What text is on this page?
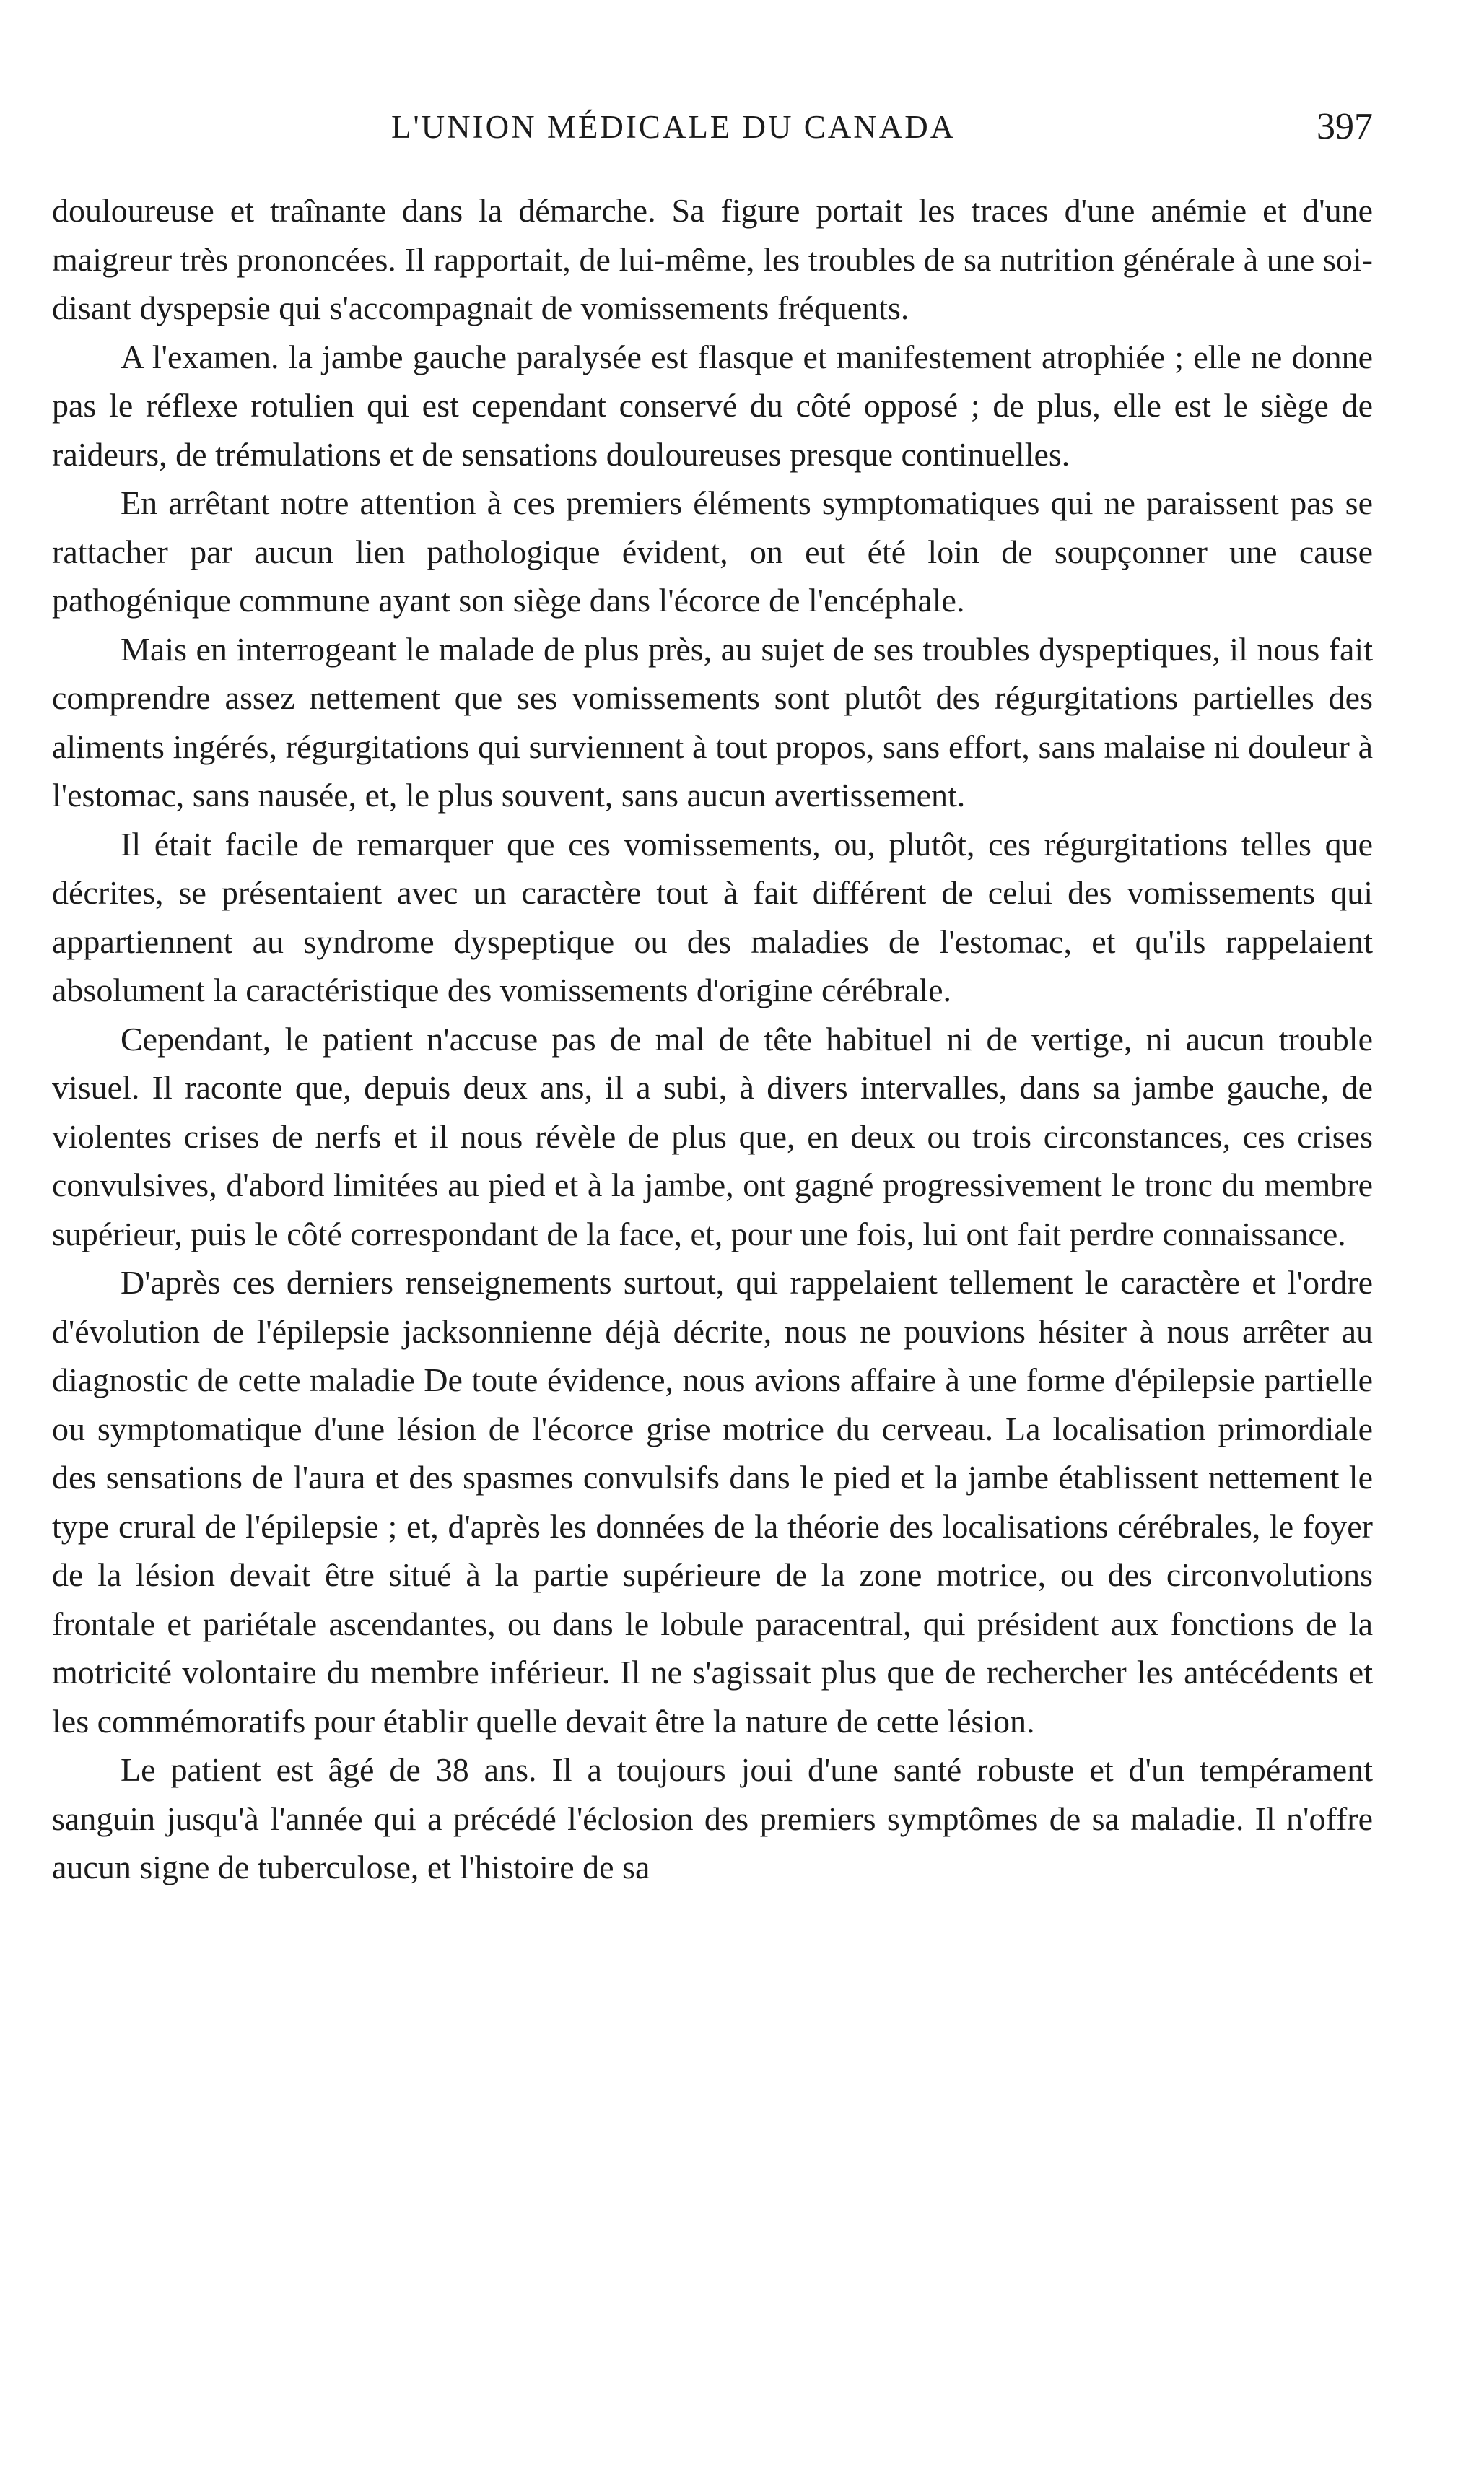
L'UNION MÉDICALE DU CANADA	397

douloureuse et traînante dans la démarche. Sa figure portait les traces d'une anémie et d'une maigreur très prononcées. Il rapportait, de lui-même, les troubles de sa nutrition générale à une soi-disant dyspepsie qui s'accompagnait de vomissements fréquents.

A l'examen. la jambe gauche paralysée est flasque et manifestement atrophiée ; elle ne donne pas le réflexe rotulien qui est cependant conservé du côté opposé ; de plus, elle est le siège de raideurs, de trémulations et de sensations douloureuses presque continuelles.

En arrêtant notre attention à ces premiers éléments symptomatiques qui ne paraissent pas se rattacher par aucun lien pathologique évident, on eut été loin de soupçonner une cause pathogénique commune ayant son siège dans l'écorce de l'encéphale.

Mais en interrogeant le malade de plus près, au sujet de ses troubles dyspeptiques, il nous fait comprendre assez nettement que ses vomissements sont plutôt des régurgitations partielles des aliments ingérés, régurgitations qui surviennent à tout propos, sans effort, sans malaise ni douleur à l'estomac, sans nausée, et, le plus souvent, sans aucun avertissement.

Il était facile de remarquer que ces vomissements, ou, plutôt, ces régurgitations telles que décrites, se présentaient avec un caractère tout à fait différent de celui des vomissements qui appartiennent au syndrome dyspeptique ou des maladies de l'estomac, et qu'ils rappelaient absolument la caractéristique des vomissements d'origine cérébrale.

Cependant, le patient n'accuse pas de mal de tête habituel ni de vertige, ni aucun trouble visuel. Il raconte que, depuis deux ans, il a subi, à divers intervalles, dans sa jambe gauche, de violentes crises de nerfs et il nous révèle de plus que, en deux ou trois circonstances, ces crises convulsives, d'abord limitées au pied et à la jambe, ont gagné progressivement le tronc du membre supérieur, puis le côté correspondant de la face, et, pour une fois, lui ont fait perdre connaissance.

D'après ces derniers renseignements surtout, qui rappelaient tellement le caractère et l'ordre d'évolution de l'épilepsie jacksonnienne déjà décrite, nous ne pouvions hésiter à nous arrêter au diagnostic de cette maladie De toute évidence, nous avions affaire à une forme d'épilepsie partielle ou symptomatique d'une lésion de l'écorce grise motrice du cerveau. La localisation primordiale des sensations de l'aura et des spasmes convulsifs dans le pied et la jambe établissent nettement le type crural de l'épilepsie ; et, d'après les données de la théorie des localisations cérébrales, le foyer de la lésion devait être situé à la partie supérieure de la zone motrice, ou des circonvolutions frontale et pariétale ascendantes, ou dans le lobule paracentral, qui président aux fonctions de la motricité volontaire du membre inférieur. Il ne s'agissait plus que de rechercher les antécédents et les commémoratifs pour établir quelle devait être la nature de cette lésion.

Le patient est âgé de 38 ans. Il a toujours joui d'une santé robuste et d'un tempérament sanguin jusqu'à l'année qui a précédé l'éclosion des premiers symptômes de sa maladie. Il n'offre aucun signe de tuberculose, et l'histoire de sa
